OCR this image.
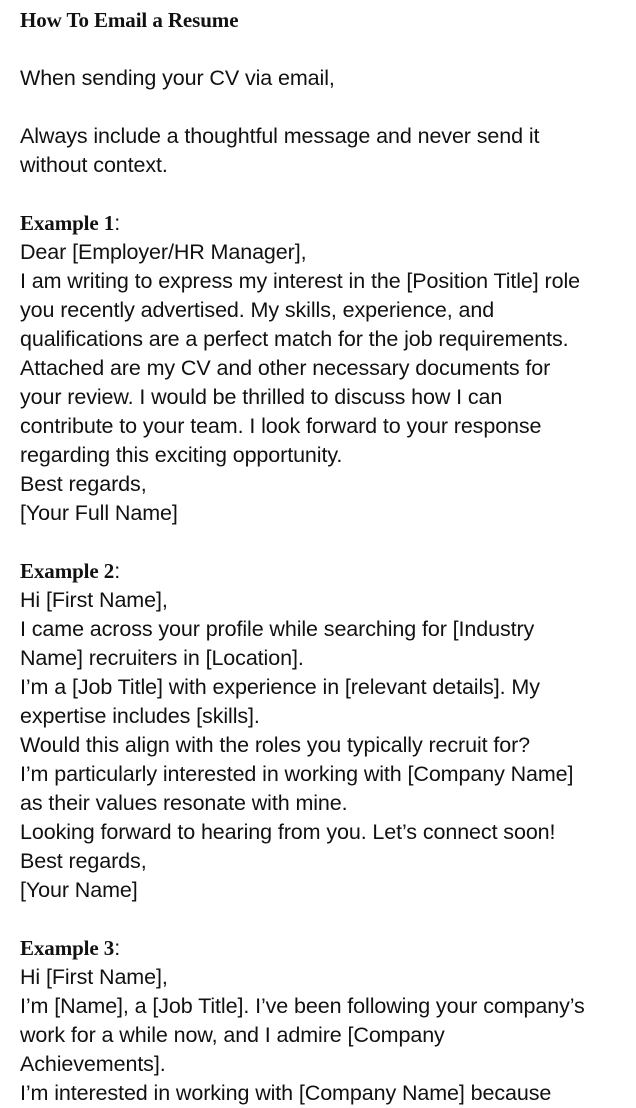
How To Email a Resume

When sending your CV via email,

Always include a thoughtful message and never send it
without context.

Example 1:

Dear [Employer/HR Manager],
I am writing to express my interest in the [Position Title] role
you recently advertised. My skills, experience, and
qualifications are a perfect match for the job requirements.
Attached are my CV and other necessary documents for
your review. I would be thrilled to discuss how I can
contribute to your team. I look forward to your response
regarding this exciting opportunity.
Best regards,
[Your Full Name]

Example 2:

Hi [First Name],
I came across your profile while searching for [Industry
Name] recruiters in [Location].
I’m a [Job Title] with experience in [relevant details]. My
expertise includes [skills].
Would this align with the roles you typically recruit for?
I’m particularly interested in working with [Company Name]
as their values resonate with mine.
Looking forward to hearing from you. Let’s connect soon!
Best regards,
[Your Name]

Example 3:

Hi [First Name],
I’m [Name], a [Job Title]. I’ve been following your company’s
work for a while now, and I admire [Company
Achievements].
I’m interested in working with [Company Name] because
